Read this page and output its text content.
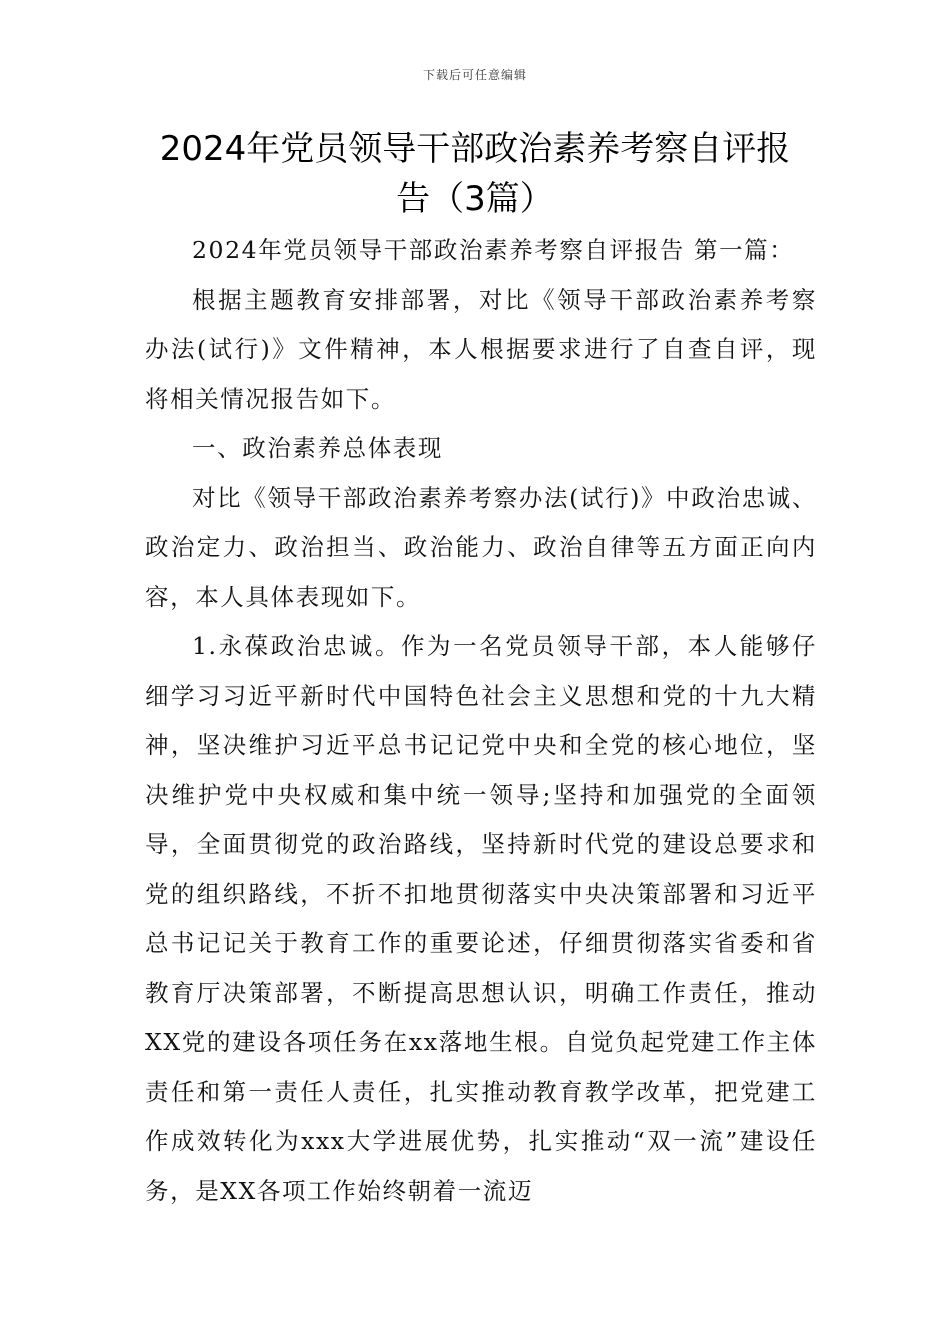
下载后可任意编辑
2024年党员领导干部政治素养考察自评报告（3篇）

2024年党员领导干部政治素养考察自评报告 第一篇：

根据主题教育安排部署，对比《领导干部政治素养考察办法(试行)》文件精神，本人根据要求进行了自查自评，现将相关情况报告如下。

一、政治素养总体表现

对比《领导干部政治素养考察办法(试行)》中政治忠诚、政治定力、政治担当、政治能力、政治自律等五方面正向内容，本人具体表现如下。

1.永葆政治忠诚。作为一名党员领导干部，本人能够仔细学习习近平新时代中国特色社会主义思想和党的十九大精神，坚决维护习近平总书记记党中央和全党的核心地位，坚决维护党中央权威和集中统一领导;坚持和加强党的全面领导，全面贯彻党的政治路线，坚持新时代党的建设总要求和党的组织路线，不折不扣地贯彻落实中央决策部署和习近平总书记记关于教育工作的重要论述，仔细贯彻落实省委和省教育厅决策部署，不断提高思想认识，明确工作责任，推动XX党的建设各项任务在xx落地生根。自觉负起党建工作主体责任和第一责任人责任，扎实推动教育教学改革，把党建工作成效转化为xxx大学进展优势，扎实推动“双一流”建设任务，是XX各项工作始终朝着一流迈
